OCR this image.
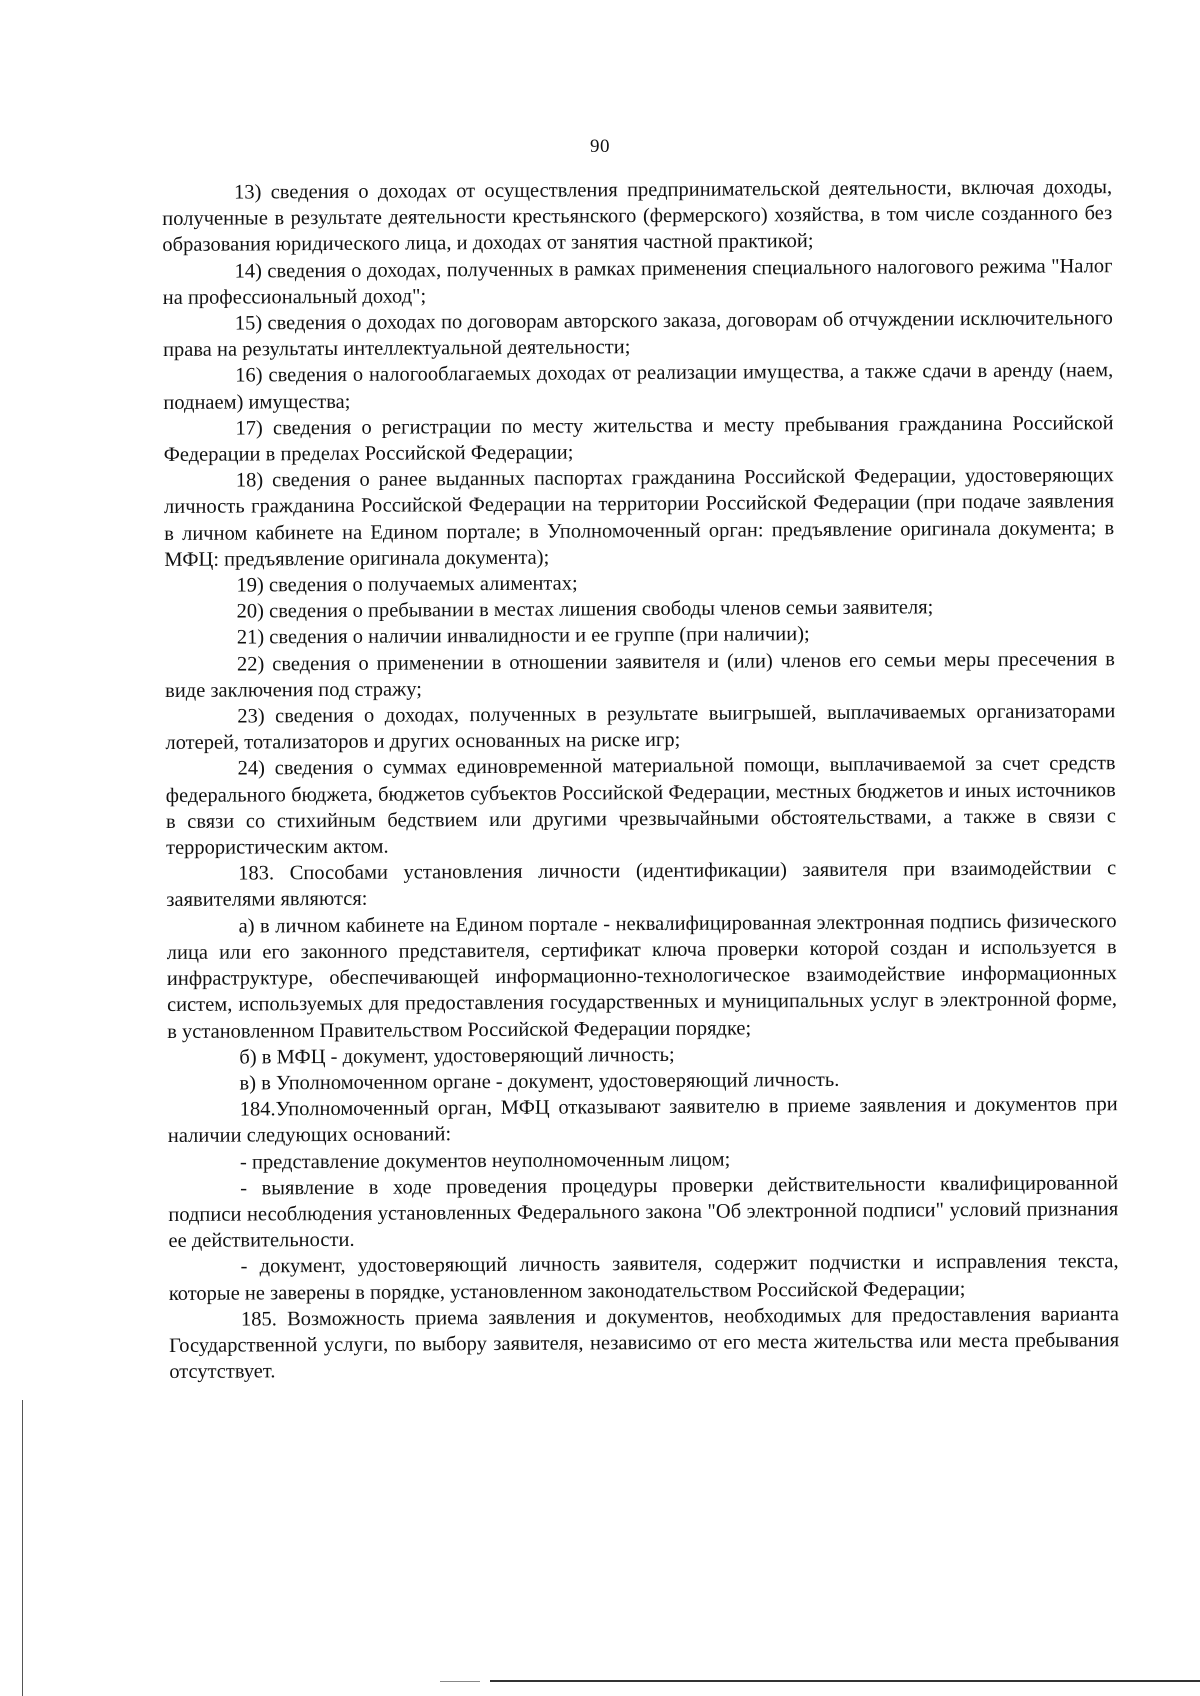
90

13) сведения о доходах от осуществления предпринимательской деятельности, включая доходы, полученные в результате деятельности крестьянского (фермерского) хозяйства, в том числе созданного без образования юридического лица, и доходах от занятия частной практикой;

14) сведения о доходах, полученных в рамках применения специального налогового режима "Налог на профессиональный доход";

15) сведения о доходах по договорам авторского заказа, договорам об отчуждении исключительного права на результаты интеллектуальной деятельности;

16) сведения о налогооблагаемых доходах от реализации имущества, а также сдачи в аренду (наем, поднаем) имущества;

17) сведения о регистрации по месту жительства и месту пребывания гражданина Российской Федерации в пределах Российской Федерации;

18) сведения о ранее выданных паспортах гражданина Российской Федерации, удостоверяющих личность гражданина Российской Федерации на территории Российской Федерации (при подаче заявления в личном кабинете на Едином портале; в Уполномоченный орган: предъявление оригинала документа; в МФЦ: предъявление оригинала документа);

19) сведения о получаемых алиментах;

20) сведения о пребывании в местах лишения свободы членов семьи заявителя;

21) сведения о наличии инвалидности и ее группе (при наличии);

22) сведения о применении в отношении заявителя и (или) членов его семьи меры пресечения в виде заключения под стражу;

23) сведения о доходах, полученных в результате выигрышей, выплачиваемых организаторами лотерей, тотализаторов и других основанных на риске игр;

24) сведения о суммах единовременной материальной помощи, выплачиваемой за счет средств федерального бюджета, бюджетов субъектов Российской Федерации, местных бюджетов и иных источников в связи со стихийным бедствием или другими чрезвычайными обстоятельствами, а также в связи с террористическим актом.

183. Способами установления личности (идентификации) заявителя при взаимодействии с заявителями являются:

а) в личном кабинете на Едином портале - неквалифицированная электронная подпись физического лица или его законного представителя, сертификат ключа проверки которой создан и используется в инфраструктуре, обеспечивающей информационно-технологическое взаимодействие информационных систем, используемых для предоставления государственных и муниципальных услуг в электронной форме, в установленном Правительством Российской Федерации порядке;

б) в МФЦ - документ, удостоверяющий личность;

в) в Уполномоченном органе - документ, удостоверяющий личность.

184.Уполномоченный орган, МФЦ отказывают заявителю в приеме заявления и документов при наличии следующих оснований:

- представление документов неуполномоченным лицом;

- выявление в ходе проведения процедуры проверки действительности квалифицированной подписи несоблюдения установленных Федерального закона "Об электронной подписи" условий признания ее действительности.

- документ, удостоверяющий личность заявителя, содержит подчистки и исправления текста, которые не заверены в порядке, установленном законодательством Российской Федерации;

185. Возможность приема заявления и документов, необходимых для предоставления варианта Государственной услуги, по выбору заявителя, независимо от его места жительства или места пребывания отсутствует.
